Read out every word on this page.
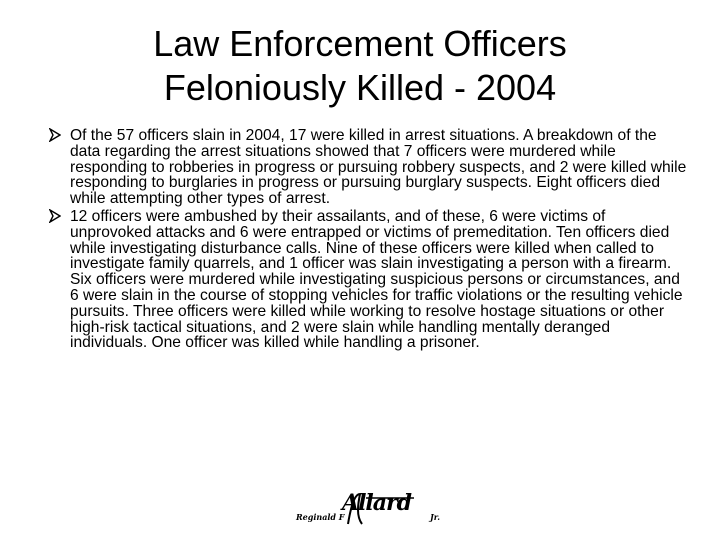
Law Enforcement Officers
Feloniously Killed - 2004
Of the 57 officers slain in 2004, 17 were killed in arrest situations. A breakdown of the data regarding the arrest situations showed that 7 officers were murdered while responding to robberies in progress or pursuing robbery suspects, and 2 were killed while responding to burglaries in progress or pursuing burglary suspects. Eight officers died while attempting other types of arrest.
12 officers were ambushed by their assailants, and of these, 6 were victims of unprovoked attacks and 6 were entrapped or victims of premeditation. Ten officers died while investigating disturbance calls. Nine of these officers were killed when called to investigate family quarrels, and 1 officer was slain investigating a person with a firearm. Six officers were murdered while investigating suspicious persons or circumstances, and 6 were slain in the course of stopping vehicles for traffic violations or the resulting vehicle pursuits. Three officers were killed while working to resolve hostage situations or other high-risk tactical situations, and 2 were slain while handling mentally deranged individuals. One officer was killed while handling a prisoner.
Reginald F
Allard
Jr.
